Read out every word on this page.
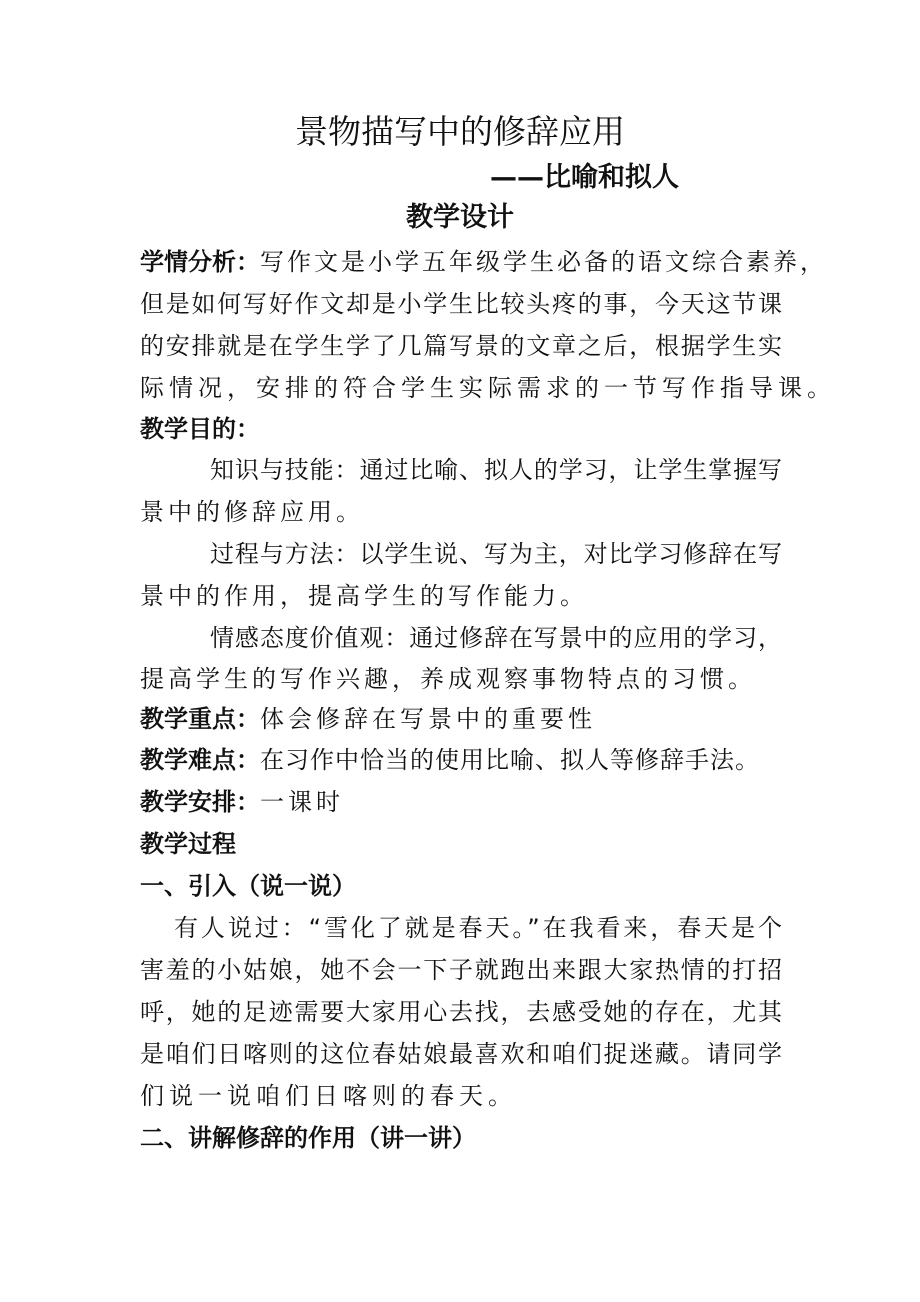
景物描写中的修辞应用
——比喻和拟人
教学设计
学情分析：写作文是小学五年级学生必备的语文综合素养，
但是如何写好作文却是小学生比较头疼的事，今天这节课
的安排就是在学生学了几篇写景的文章之后，根据学生实
际情况，安排的符合学生实际需求的一节写作指导课。
教学目的：
知识与技能：通过比喻、拟人的学习，让学生掌握写
景中的修辞应用。
过程与方法：以学生说、写为主，对比学习修辞在写
景中的作用，提高学生的写作能力。
情感态度价值观：通过修辞在写景中的应用的学习，
提高学生的写作兴趣，养成观察事物特点的习惯。
教学重点：体会修辞在写景中的重要性
教学难点：在习作中恰当的使用比喻、拟人等修辞手法。
教学安排：一课时
教学过程
一、引入（说一说）
有人说过：“雪化了就是春天。”在我看来，春天是个
害羞的小姑娘，她不会一下子就跑出来跟大家热情的打招
呼，她的足迹需要大家用心去找，去感受她的存在，尤其
是咱们日喀则的这位春姑娘最喜欢和咱们捉迷藏。请同学
们说一说咱们日喀则的春天。
二、讲解修辞的作用（讲一讲）
